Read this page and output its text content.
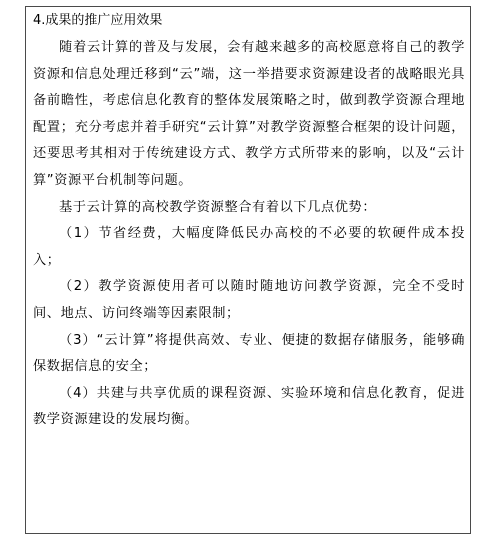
4.成果的推广应用效果

随着云计算的普及与发展，会有越来越多的高校愿意将自己的教学资源和信息处理迁移到“云”端，这一举措要求资源建设者的战略眼光具备前瞻性，考虑信息化教育的整体发展策略之时，做到教学资源合理地配置；充分考虑并着手研究“云计算”对教学资源整合框架的设计问题，还要思考其相对于传统建设方式、教学方式所带来的影响，以及“云计算”资源平台机制等问题。

基于云计算的高校教学资源整合有着以下几点优势：

（1）节省经费，大幅度降低民办高校的不必要的软硬件成本投入；

（2）教学资源使用者可以随时随地访问教学资源，完全不受时间、地点、访问终端等因素限制；

（3）“云计算”将提供高效、专业、便捷的数据存储服务，能够确保数据信息的安全；

（4）共建与共享优质的课程资源、实验环境和信息化教育，促进教学资源建设的发展均衡。
